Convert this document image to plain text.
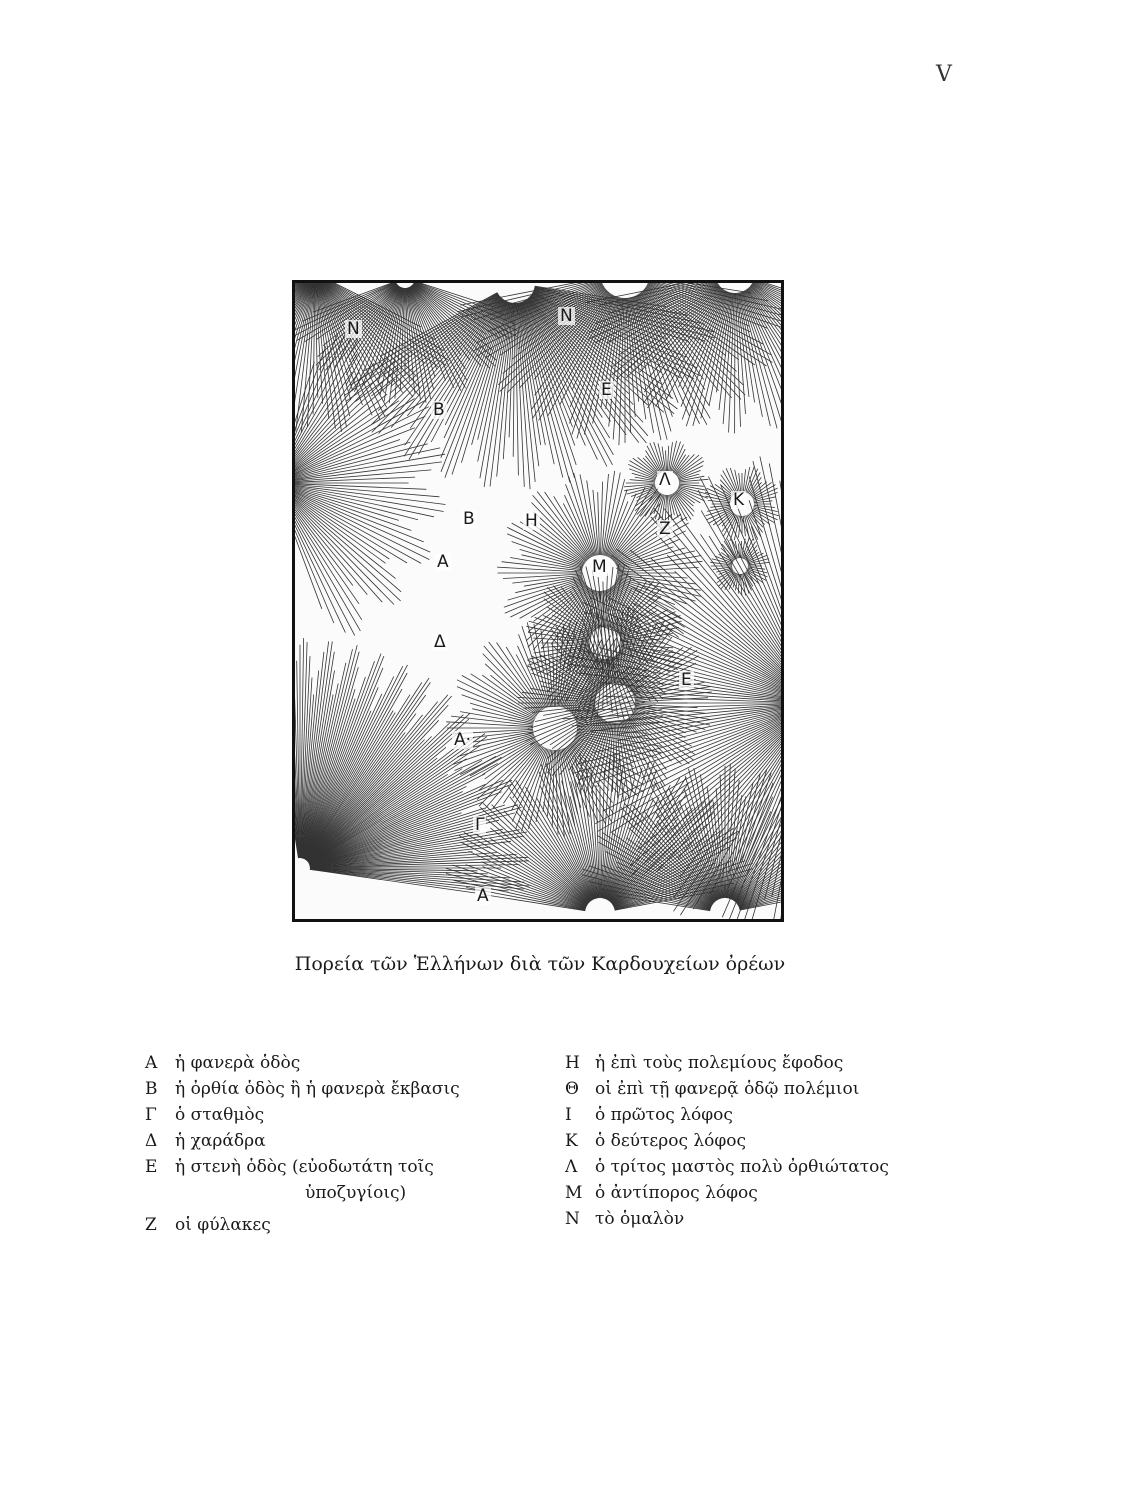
V
N
N
E
B
Λ
K
B	H	Z
A	M
Δ
E
A·
Γ
A
Πορεία τῶν Ἑλλήνων διὰ τῶν Καρδουχείων ὀρέων
Α	ἡ φανερὰ ὁδὸς
Β	ἡ ὀρθία ὁδὸς ἢ ἡ φανερὰ ἔκβασις
Γ	ὁ σταθμὸς
Δ	ἡ χαράδρα
Ε	ἡ στενὴ ὁδὸς (εὐοδωτάτη τοῖς
ὑποζυγίοις)
Ζ	οἱ φύλακες
Η ἡ ἐπὶ τοὺς πολεμίους ἔφοδος
Θ οἱ ἐπὶ τῇ φανερᾷ ὁδῷ πολέμιοι
Ι	ὁ πρῶτος λόφος
Κ	ὁ δεύτερος λόφος
Λ	ὁ τρίτος μαστὸς πολὺ ὀρθιώτατος
Μ ὁ ἀντίπορος λόφος
Ν τὸ ὁμαλὸν
